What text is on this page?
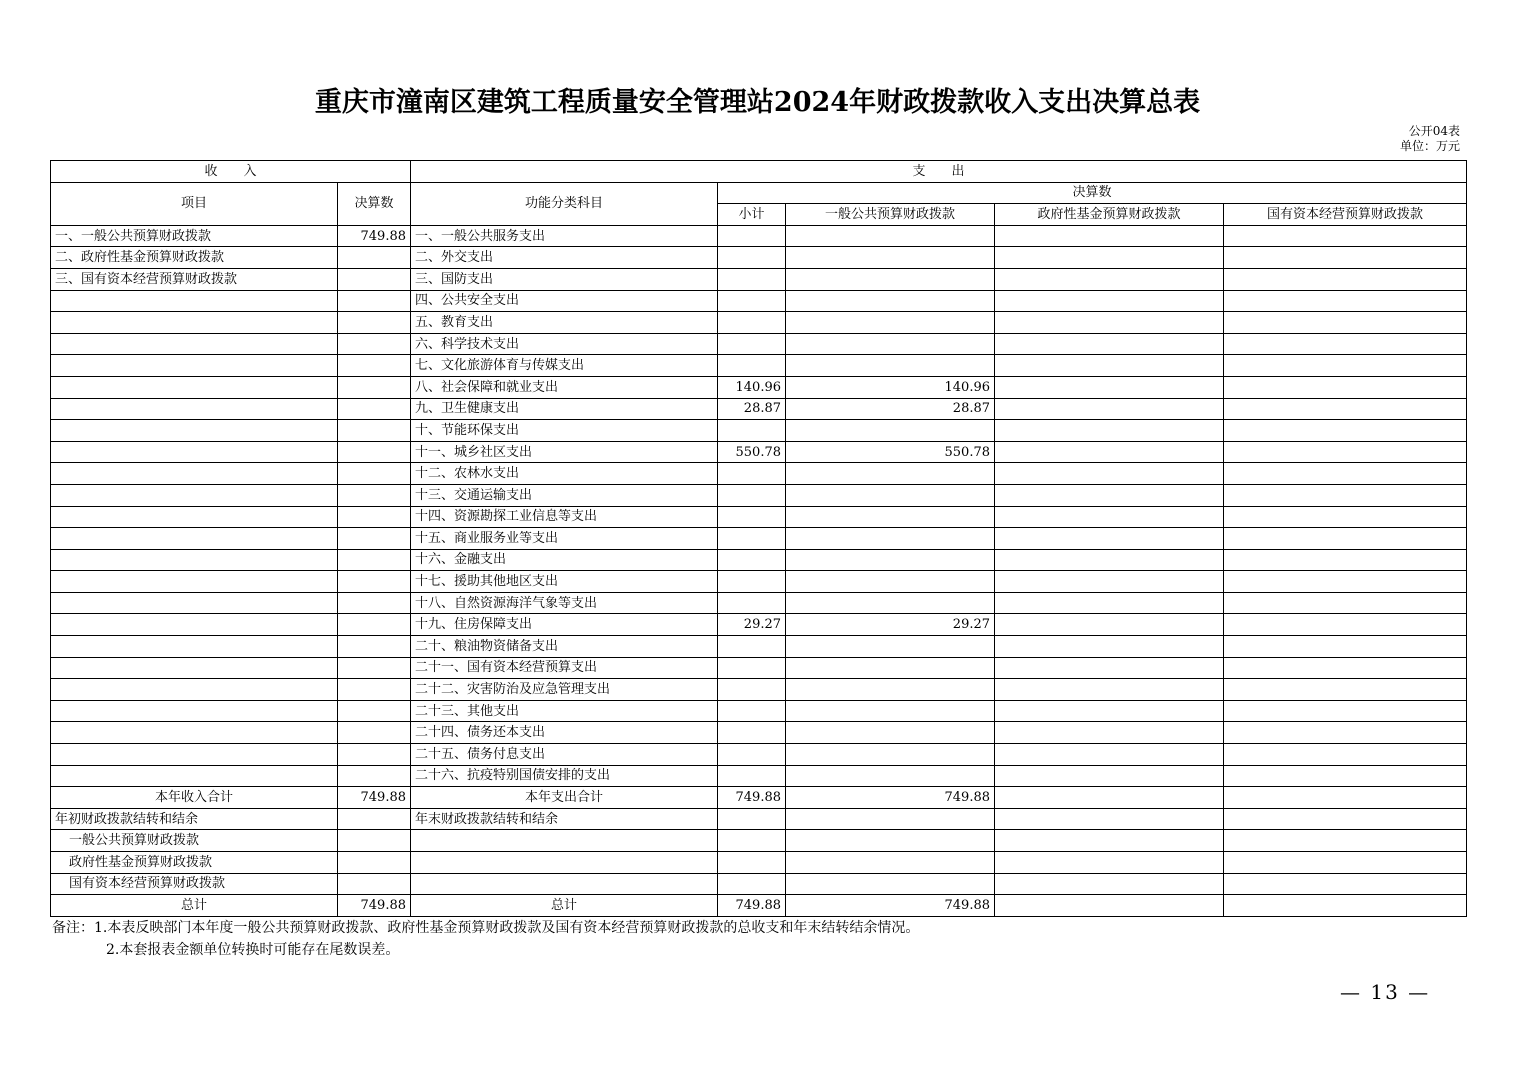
重庆市潼南区建筑工程质量安全管理站2024年财政拨款收入支出决算总表
公开04表
单位：万元
收　　入		支　　出				
项目	决算数	功能分类科目	决算数			
			小计	一般公共预算财政拨款	政府性基金预算财政拨款	国有资本经营预算财政拨款
一、一般公共预算财政拨款	749.88	一、一般公共服务支出				
二、政府性基金预算财政拨款		二、外交支出				
三、国有资本经营预算财政拨款		三、国防支出				
		四、公共安全支出				
		五、教育支出				
		六、科学技术支出				
		七、文化旅游体育与传媒支出				
		八、社会保障和就业支出	140.96	140.96		
		九、卫生健康支出	28.87	28.87		
		十、节能环保支出				
		十一、城乡社区支出	550.78	550.78		
		十二、农林水支出				
		十三、交通运输支出				
		十四、资源勘探工业信息等支出				
		十五、商业服务业等支出				
		十六、金融支出				
		十七、援助其他地区支出				
		十八、自然资源海洋气象等支出				
		十九、住房保障支出	29.27	29.27		
		二十、粮油物资储备支出				
		二十一、国有资本经营预算支出				
		二十二、灾害防治及应急管理支出				
		二十三、其他支出				
		二十四、债务还本支出				
		二十五、债务付息支出				
		二十六、抗疫特别国债安排的支出				
本年收入合计	749.88	本年支出合计	749.88	749.88		
年初财政拨款结转和结余		年末财政拨款结转和结余				
一般公共预算财政拨款						
政府性基金预算财政拨款						
国有资本经营预算财政拨款						
总计	749.88	总计	749.88	749.88		
备注：1.本表反映部门本年度一般公共预算财政拨款、政府性基金预算财政拨款及国有资本经营预算财政拨款的总收支和年末结转结余情况。
2.本套报表金额单位转换时可能存在尾数误差。
— 13 —
